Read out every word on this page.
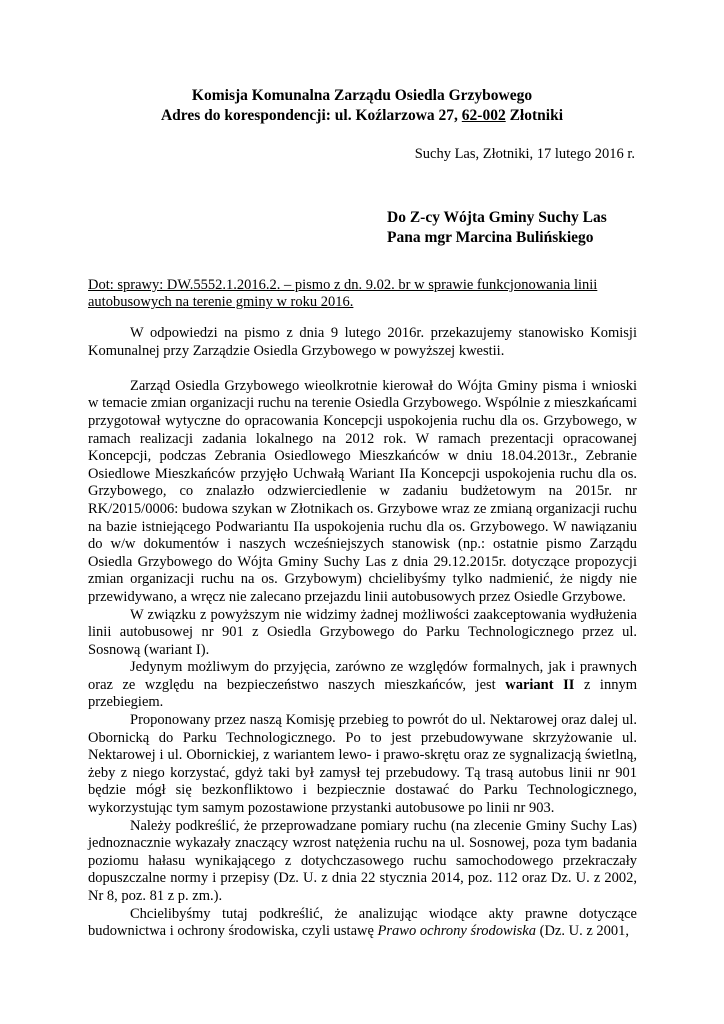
Komisja Komunalna Zarządu Osiedla Grzybowego
Adres do korespondencji: ul. Koźlarzowa 27, 62-002 Złotniki
Suchy Las, Złotniki, 17 lutego 2016 r.
Do Z-cy Wójta Gminy Suchy Las
Pana mgr Marcina Bulińskiego
Dot: sprawy: DW.5552.1.2016.2. – pismo z dn. 9.02. br w sprawie funkcjonowania linii autobusowych na terenie gminy w roku 2016.

W odpowiedzi na pismo z dnia 9 lutego 2016r. przekazujemy stanowisko Komisji Komunalnej przy Zarządzie Osiedla Grzybowego w powyższej kwestii.

Zarząd Osiedla Grzybowego wieolkrotnie kierował do Wójta Gminy pisma i wnioski w temacie zmian organizacji ruchu na terenie Osiedla Grzybowego. Wspólnie z mieszkańcami przygotował wytyczne do opracowania Koncepcji uspokojenia ruchu dla os. Grzybowego, w ramach realizacji zadania lokalnego na 2012 rok. W ramach prezentacji opracowanej Koncepcji, podczas Zebrania Osiedlowego Mieszkańców w dniu 18.04.2013r., Zebranie Osiedlowe Mieszkańców przyjęło Uchwałą Wariant IIa Koncepcji uspokojenia ruchu dla os. Grzybowego, co znalazło odzwierciedlenie w zadaniu budżetowym na 2015r. nr RK/2015/0006: budowa szykan w Złotnikach os. Grzybowe wraz ze zmianą organizacji ruchu na bazie istniejącego Podwariantu IIa uspokojenia ruchu dla os. Grzybowego. W nawiązaniu do w/w dokumentów i naszych wcześniejszych stanowisk (np.: ostatnie pismo Zarządu Osiedla Grzybowego do Wójta Gminy Suchy Las z dnia 29.12.2015r. dotyczące propozycji zmian organizacji ruchu na os. Grzybowym) chcielibyśmy tylko nadmienić, że nigdy nie przewidywano, a wręcz nie zalecano przejazdu linii autobusowych przez Osiedle Grzybowe.

W związku z powyższym nie widzimy żadnej możliwości zaakceptowania wydłużenia linii autobusowej nr 901 z Osiedla Grzybowego do Parku Technologicznego przez ul. Sosnową (wariant I).

Jedynym możliwym do przyjęcia, zarówno ze względów formalnych, jak i prawnych oraz ze względu na bezpieczeństwo naszych mieszkańców, jest wariant II z innym przebiegiem.

Proponowany przez naszą Komisję przebieg to powrót do ul. Nektarowej oraz dalej ul. Obornicką do Parku Technologicznego. Po to jest przebudowywane skrzyżowanie ul. Nektarowej i ul. Obornickiej, z wariantem lewo- i prawo-skrętu oraz ze sygnalizacją świetlną, żeby z niego korzystać, gdyż taki był zamysł tej przebudowy. Tą trasą autobus linii nr 901 będzie mógł się bezkonfliktowo i bezpiecznie dostawać do Parku Technologicznego, wykorzystując tym samym pozostawione przystanki autobusowe po linii nr 903.

Należy podkreślić, że przeprowadzane pomiary ruchu (na zlecenie Gminy Suchy Las) jednoznacznie wykazały znaczący wzrost natężenia ruchu na ul. Sosnowej, poza tym badania poziomu hałasu wynikającego z dotychczasowego ruchu samochodowego przekraczały dopuszczalne normy i przepisy (Dz. U. z dnia 22 stycznia 2014, poz. 112 oraz Dz. U. z 2002, Nr 8, poz. 81 z p. zm.).

Chcielibyśmy tutaj podkreślić, że analizując wiodące akty prawne dotyczące budownictwa i ochrony środowiska, czyli ustawę Prawo ochrony środowiska (Dz. U. z 2001,
